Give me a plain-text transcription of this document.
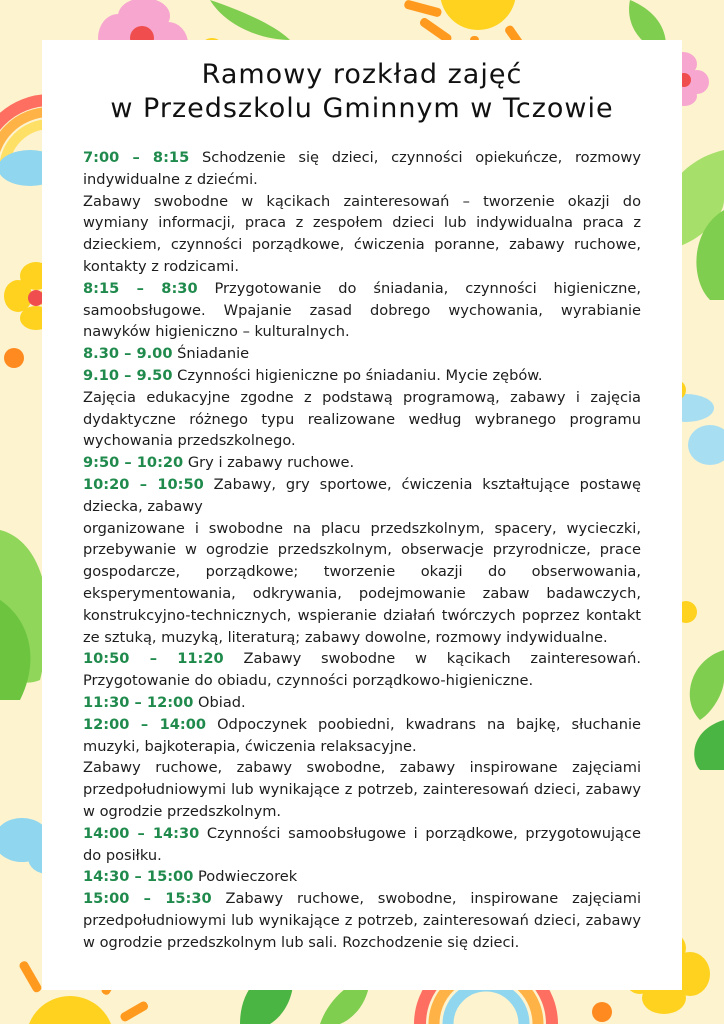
Ramowy rozkład zajęć
w Przedszkolu Gminnym w Tczowie

7:00 – 8:15 Schodzenie się dzieci, czynności opiekuńcze, rozmowy indywidualne z dziećmi.

Zabawy swobodne w kącikach zainteresowań – tworzenie okazji do wymiany informacji, praca z zespołem dzieci lub indywidualna praca z dzieckiem, czynności porządkowe, ćwiczenia poranne, zabawy ruchowe, kontakty z rodzicami.

8:15 – 8:30 Przygotowanie do śniadania, czynności higieniczne, samoobsługowe. Wpajanie zasad dobrego wychowania, wyrabianie nawyków higieniczno – kulturalnych.

8.30 – 9.00 Śniadanie

9.10 – 9.50 Czynności higieniczne po śniadaniu. Mycie zębów.

Zajęcia edukacyjne zgodne z podstawą programową, zabawy i zajęcia dydaktyczne różnego typu realizowane według wybranego programu wychowania przedszkolnego.

9:50 – 10:20 Gry i zabawy ruchowe.

10:20 – 10:50 Zabawy, gry sportowe, ćwiczenia kształtujące postawę dziecka, zabawy

organizowane i swobodne na placu przedszkolnym, spacery, wycieczki, przebywanie w ogrodzie przedszkolnym, obserwacje przyrodnicze, prace gospodarcze, porządkowe; tworzenie okazji do obserwowania, eksperymentowania, odkrywania, podejmowanie zabaw badawczych, konstrukcyjno-technicznych, wspieranie działań twórczych poprzez kontakt ze sztuką, muzyką, literaturą; zabawy dowolne, rozmowy indywidualne.

10:50 – 11:20 Zabawy swobodne w kącikach zainteresowań. Przygotowanie do obiadu, czynności porządkowo-higieniczne.

11:30 – 12:00 Obiad.

12:00 – 14:00 Odpoczynek poobiedni, kwadrans na bajkę, słuchanie muzyki, bajkoterapia, ćwiczenia relaksacyjne.

Zabawy ruchowe, zabawy swobodne, zabawy inspirowane zajęciami przedpołudniowymi lub wynikające z potrzeb, zainteresowań dzieci, zabawy w ogrodzie przedszkolnym.

14:00 – 14:30 Czynności samoobsługowe i porządkowe, przygotowujące do posiłku.

14:30 – 15:00 Podwieczorek

15:00 – 15:30 Zabawy ruchowe, swobodne, inspirowane zajęciami przedpołudniowymi lub wynikające z potrzeb, zainteresowań dzieci, zabawy w ogrodzie przedszkolnym lub sali. Rozchodzenie się dzieci.
